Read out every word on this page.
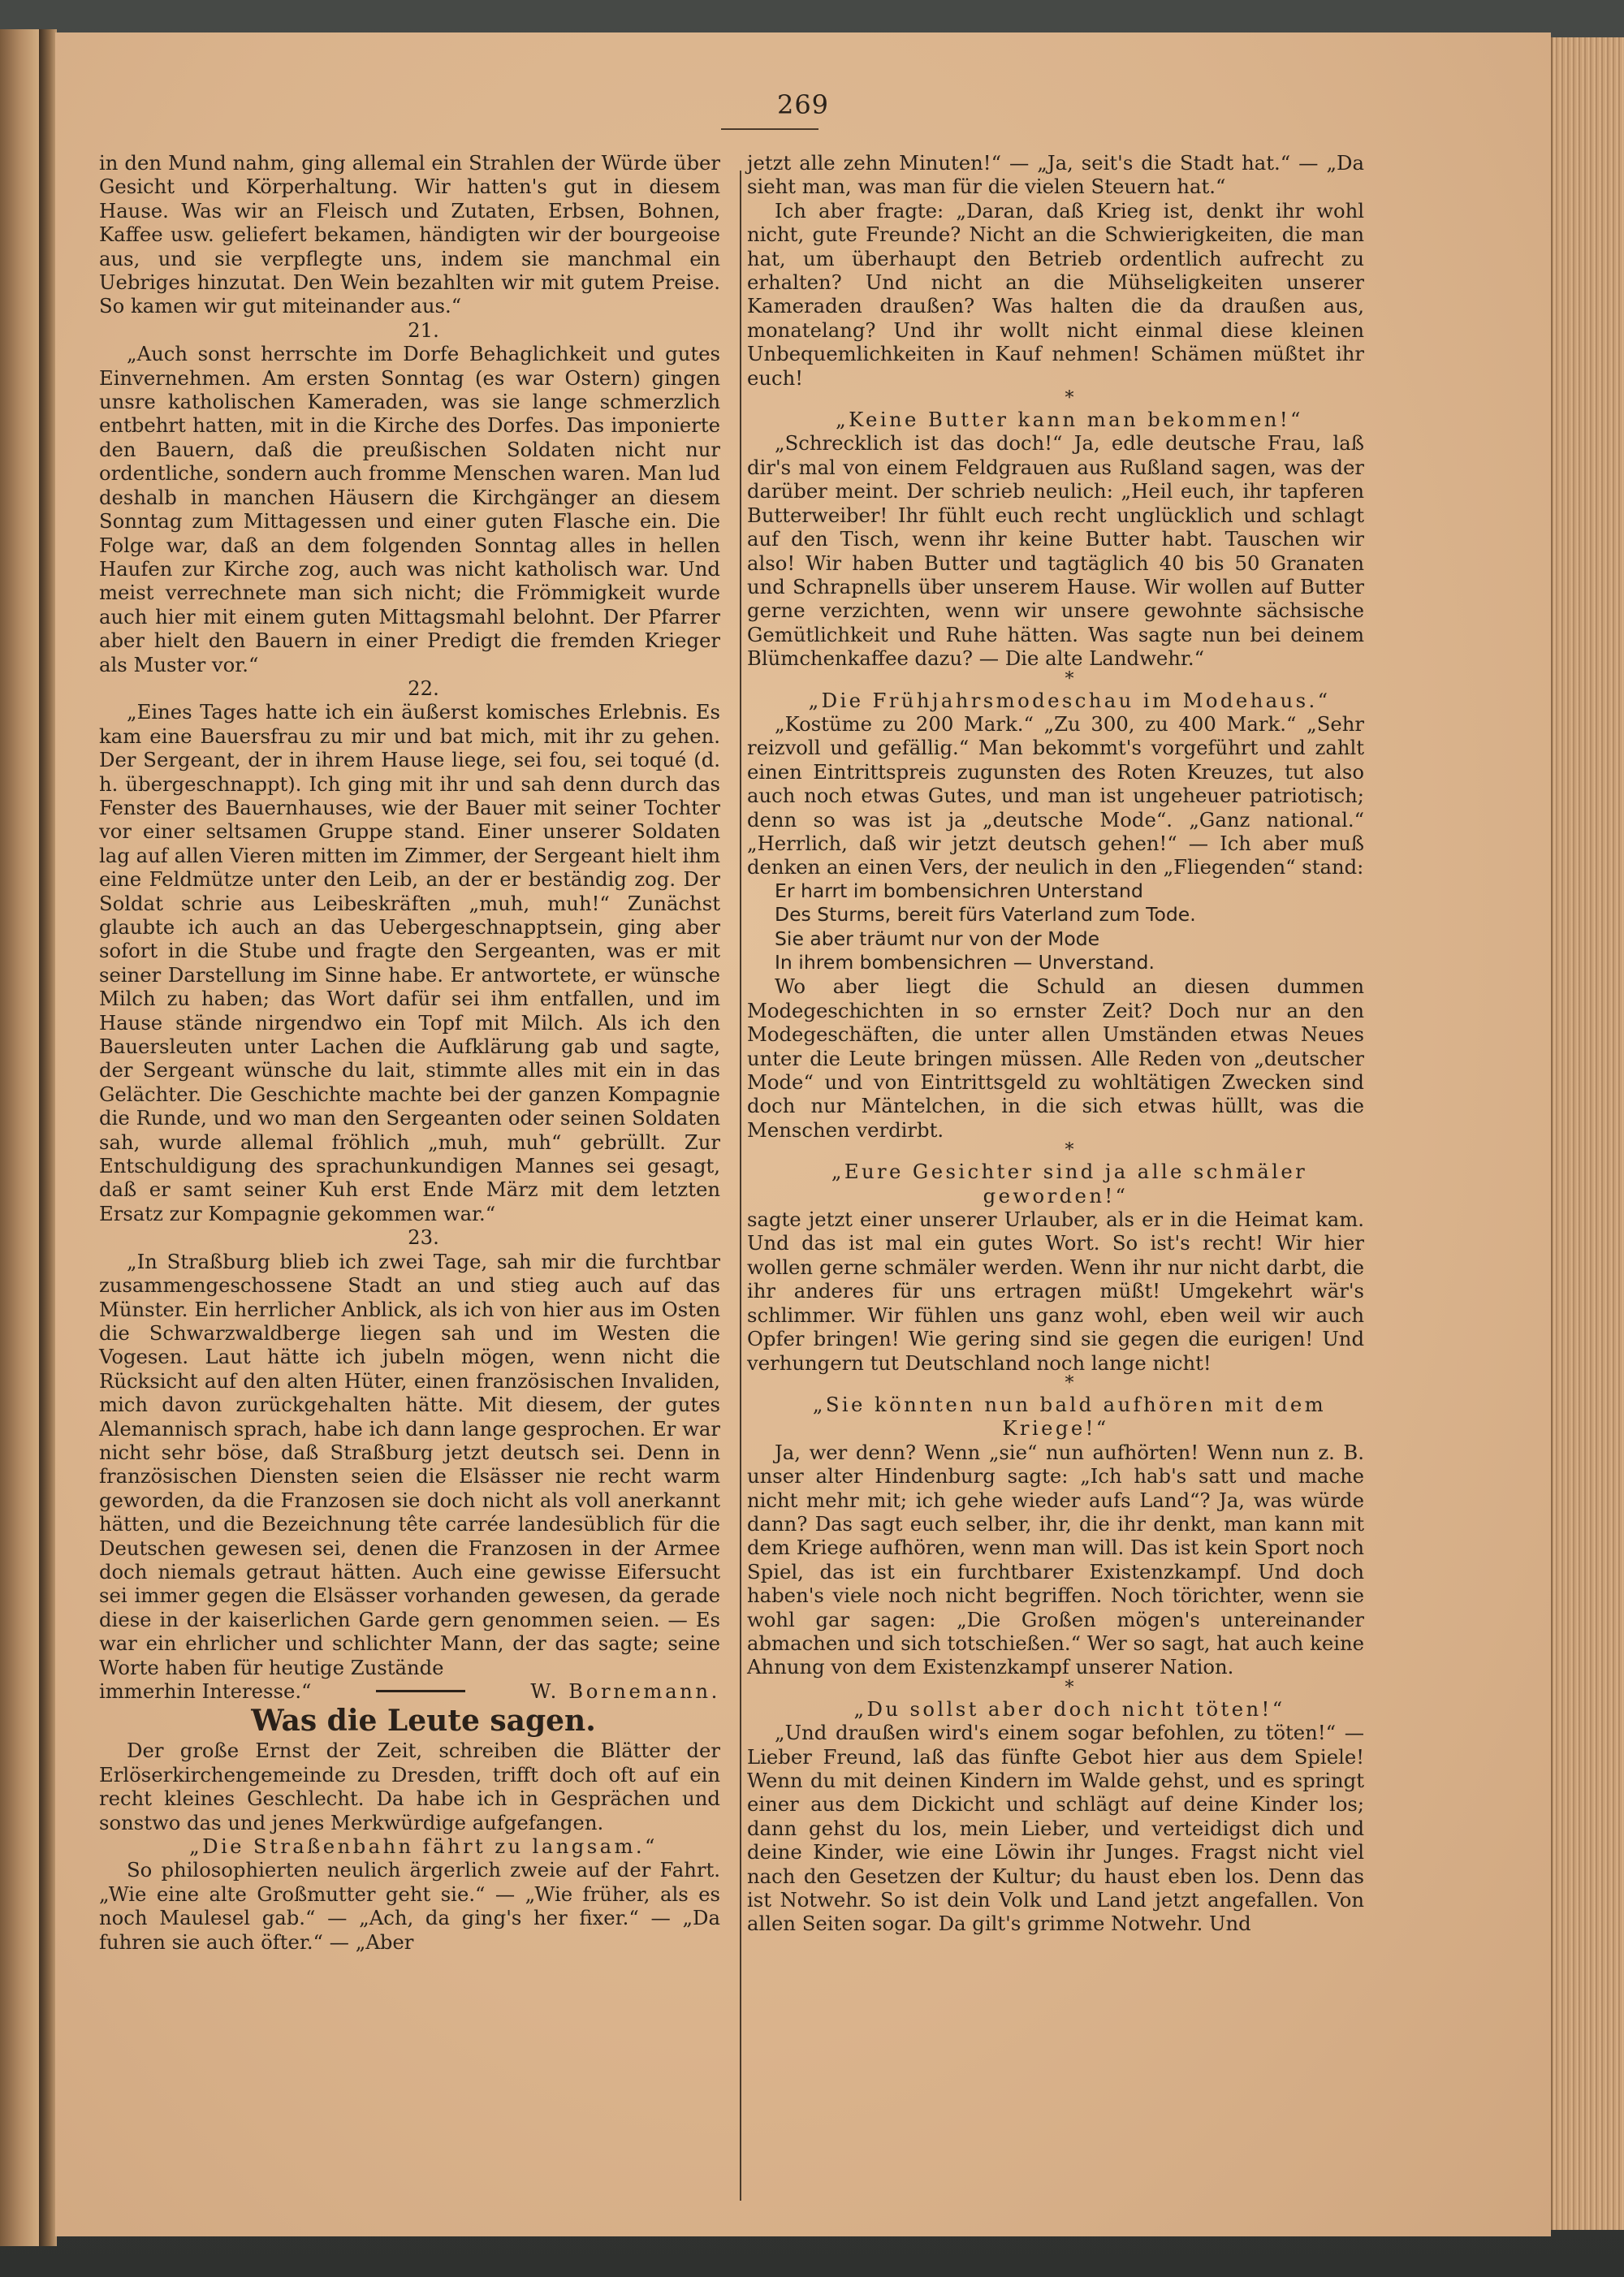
269

in den Mund nahm, ging allemal ein Strahlen der Würde über Gesicht und Körperhaltung. Wir hatten's gut in diesem Hause. Was wir an Fleisch und Zutaten, Erbsen, Bohnen, Kaffee usw. geliefert bekamen, händigten wir der bourgeoise aus, und sie verpflegte uns, indem sie manchmal ein Uebriges hinzutat. Den Wein bezahlten wir mit gutem Preise. So kamen wir gut miteinander aus.“

21.

„Auch sonst herrschte im Dorfe Behaglichkeit und gutes Einvernehmen. Am ersten Sonntag (es war Ostern) gingen unsre katholischen Kameraden, was sie lange schmerzlich entbehrt hatten, mit in die Kirche des Dorfes. Das imponierte den Bauern, daß die preußischen Soldaten nicht nur ordentliche, sondern auch fromme Menschen waren. Man lud deshalb in manchen Häusern die Kirchgänger an diesem Sonntag zum Mittagessen und einer guten Flasche ein. Die Folge war, daß an dem folgenden Sonntag alles in hellen Haufen zur Kirche zog, auch was nicht katholisch war. Und meist verrechnete man sich nicht; die Frömmigkeit wurde auch hier mit einem guten Mittagsmahl belohnt. Der Pfarrer aber hielt den Bauern in einer Predigt die fremden Krieger als Muster vor.“

22.

„Eines Tages hatte ich ein äußerst komisches Erlebnis. Es kam eine Bauersfrau zu mir und bat mich, mit ihr zu gehen. Der Sergeant, der in ihrem Hause liege, sei fou, sei toqué (d. h. übergeschnappt). Ich ging mit ihr und sah denn durch das Fenster des Bauernhauses, wie der Bauer mit seiner Tochter vor einer seltsamen Gruppe stand. Einer unserer Soldaten lag auf allen Vieren mitten im Zimmer, der Sergeant hielt ihm eine Feldmütze unter den Leib, an der er beständig zog. Der Soldat schrie aus Leibeskräften „muh, muh!“ Zunächst glaubte ich auch an das Uebergeschnapptsein, ging aber sofort in die Stube und fragte den Sergeanten, was er mit seiner Darstellung im Sinne habe. Er antwortete, er wünsche Milch zu haben; das Wort dafür sei ihm entfallen, und im Hause stände nirgendwo ein Topf mit Milch. Als ich den Bauersleuten unter Lachen die Aufklärung gab und sagte, der Sergeant wünsche du lait, stimmte alles mit ein in das Gelächter. Die Geschichte machte bei der ganzen Kompagnie die Runde, und wo man den Sergeanten oder seinen Soldaten sah, wurde allemal fröhlich „muh, muh“ gebrüllt. Zur Entschuldigung des sprachunkundigen Mannes sei gesagt, daß er samt seiner Kuh erst Ende März mit dem letzten Ersatz zur Kompagnie gekommen war.“

23.

„In Straßburg blieb ich zwei Tage, sah mir die furchtbar zusammengeschossene Stadt an und stieg auch auf das Münster. Ein herrlicher Anblick, als ich von hier aus im Osten die Schwarzwaldberge liegen sah und im Westen die Vogesen. Laut hätte ich jubeln mögen, wenn nicht die Rücksicht auf den alten Hüter, einen französischen Invaliden, mich davon zurückgehalten hätte. Mit diesem, der gutes Alemannisch sprach, habe ich dann lange gesprochen. Er war nicht sehr böse, daß Straßburg jetzt deutsch sei. Denn in französischen Diensten seien die Elsässer nie recht warm geworden, da die Franzosen sie doch nicht als voll anerkannt hätten, und die Bezeichnung tête carrée landesüblich für die Deutschen gewesen sei, denen die Franzosen in der Armee doch niemals getraut hätten. Auch eine gewisse Eifersucht sei immer gegen die Elsässer vorhanden gewesen, da gerade diese in der kaiserlichen Garde gern genommen seien. — Es war ein ehrlicher und schlichter Mann, der das sagte; seine Worte haben für heutige Zustände

immerhin Interesse.“	W. Bornemann.

Was die Leute sagen.

Der große Ernst der Zeit, schreiben die Blätter der Erlöserkirchengemeinde zu Dresden, trifft doch oft auf ein recht kleines Geschlecht. Da habe ich in Gesprächen und sonstwo das und jenes Merkwürdige aufgefangen.

„Die Straßenbahn fährt zu langsam.“

So philosophierten neulich ärgerlich zweie auf der Fahrt. „Wie eine alte Großmutter geht sie.“ — „Wie früher, als es noch Maulesel gab.“ — „Ach, da ging's her fixer.“ — „Da fuhren sie auch öfter.“ — „Aber

jetzt alle zehn Minuten!“ — „Ja, seit's die Stadt hat.“ — „Da sieht man, was man für die vielen Steuern hat.“

Ich aber fragte: „Daran, daß Krieg ist, denkt ihr wohl nicht, gute Freunde? Nicht an die Schwierigkeiten, die man hat, um überhaupt den Betrieb ordentlich aufrecht zu erhalten? Und nicht an die Mühseligkeiten unserer Kameraden draußen? Was halten die da draußen aus, monatelang? Und ihr wollt nicht einmal diese kleinen Unbequemlichkeiten in Kauf nehmen! Schämen müßtet ihr euch!

*

„Keine Butter kann man bekommen!“

„Schrecklich ist das doch!“ Ja, edle deutsche Frau, laß dir's mal von einem Feldgrauen aus Rußland sagen, was der darüber meint. Der schrieb neulich: „Heil euch, ihr tapferen Butterweiber! Ihr fühlt euch recht unglücklich und schlagt auf den Tisch, wenn ihr keine Butter habt. Tauschen wir also! Wir haben Butter und tagtäglich 40 bis 50 Granaten und Schrapnells über unserem Hause. Wir wollen auf Butter gerne verzichten, wenn wir unsere gewohnte sächsische Gemütlichkeit und Ruhe hätten. Was sagte nun bei deinem Blümchenkaffee dazu? — Die alte Landwehr.“

*

„Die Frühjahrsmodeschau im Modehaus.“

„Kostüme zu 200 Mark.“ „Zu 300, zu 400 Mark.“ „Sehr reizvoll und gefällig.“ Man bekommt's vorgeführt und zahlt einen Eintrittspreis zugunsten des Roten Kreuzes, tut also auch noch etwas Gutes, und man ist ungeheuer patriotisch; denn so was ist ja „deutsche Mode“. „Ganz national.“ „Herrlich, daß wir jetzt deutsch gehen!“ — Ich aber muß denken an einen Vers, der neulich in den „Fliegenden“ stand:

Er harrt im bombensichren Unterstand

Des Sturms, bereit fürs Vaterland zum Tode.

Sie aber träumt nur von der Mode

In ihrem bombensichren — Unverstand.

Wo aber liegt die Schuld an diesen dummen Modegeschichten in so ernster Zeit? Doch nur an den Modegeschäften, die unter allen Umständen etwas Neues unter die Leute bringen müssen. Alle Reden von „deutscher Mode“ und von Eintrittsgeld zu wohltätigen Zwecken sind doch nur Mäntelchen, in die sich etwas hüllt, was die Menschen verdirbt.

*

„Eure Gesichter sind ja alle schmäler geworden!“

sagte jetzt einer unserer Urlauber, als er in die Heimat kam. Und das ist mal ein gutes Wort. So ist's recht! Wir hier wollen gerne schmäler werden. Wenn ihr nur nicht darbt, die ihr anderes für uns ertragen müßt! Umgekehrt wär's schlimmer. Wir fühlen uns ganz wohl, eben weil wir auch Opfer bringen! Wie gering sind sie gegen die eurigen! Und verhungern tut Deutschland noch lange nicht!

*

„Sie könnten nun bald aufhören mit dem Kriege!“

Ja, wer denn? Wenn „sie“ nun aufhörten! Wenn nun z. B. unser alter Hindenburg sagte: „Ich hab's satt und mache nicht mehr mit; ich gehe wieder aufs Land“? Ja, was würde dann? Das sagt euch selber, ihr, die ihr denkt, man kann mit dem Kriege aufhören, wenn man will. Das ist kein Sport noch Spiel, das ist ein furchtbarer Existenzkampf. Und doch haben's viele noch nicht begriffen. Noch törichter, wenn sie wohl gar sagen: „Die Großen mögen's untereinander abmachen und sich totschießen.“ Wer so sagt, hat auch keine Ahnung von dem Existenzkampf unserer Nation.

*

„Du sollst aber doch nicht töten!“

„Und draußen wird's einem sogar befohlen, zu töten!“ — Lieber Freund, laß das fünfte Gebot hier aus dem Spiele! Wenn du mit deinen Kindern im Walde gehst, und es springt einer aus dem Dickicht und schlägt auf deine Kinder los; dann gehst du los, mein Lieber, und verteidigst dich und deine Kinder, wie eine Löwin ihr Junges. Fragst nicht viel nach den Gesetzen der Kultur; du haust eben los. Denn das ist Notwehr. So ist dein Volk und Land jetzt angefallen. Von allen Seiten sogar. Da gilt's grimme Notwehr. Und
